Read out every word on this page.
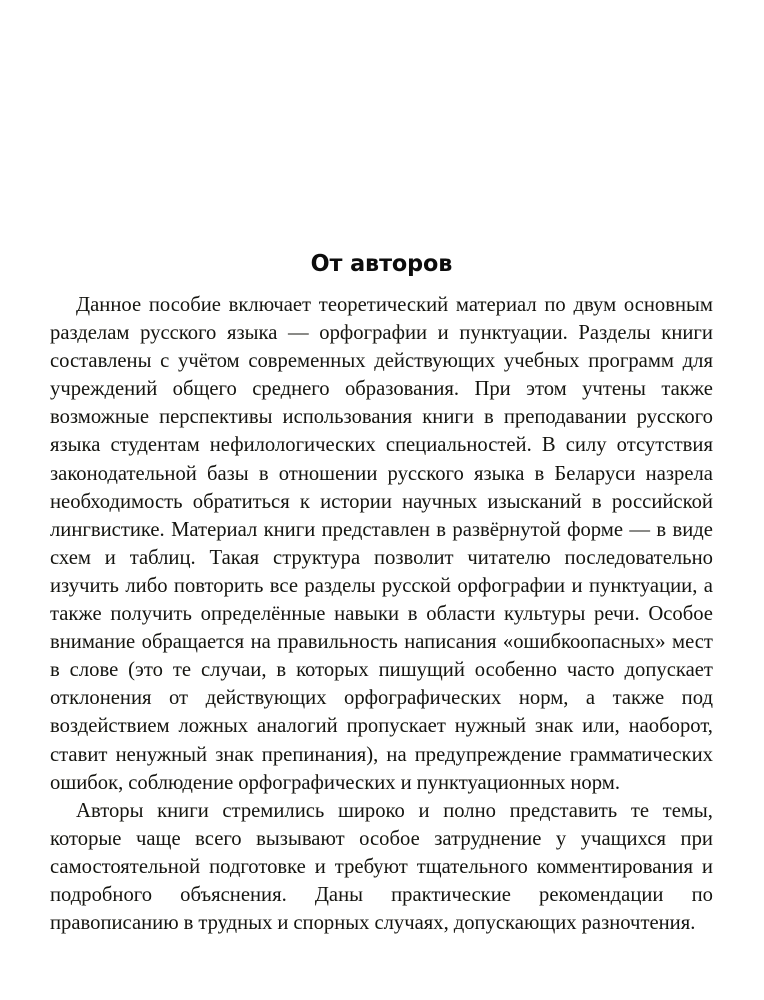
От авторов

Данное пособие включает теоретический материал по двум основным разделам русского языка — орфографии и пунктуации. Разделы книги составлены с учётом современных действующих учебных программ для учреждений общего среднего образования. При этом учтены также возможные перспективы использования книги в преподавании русского языка студентам нефилологических специальностей. В силу отсутствия законодательной базы в отношении русского языка в Беларуси назрела необходимость обратиться к истории научных изысканий в российской лингвистике. Материал книги представлен в развёрнутой форме — в виде схем и таблиц. Такая структура позволит читателю последовательно изучить либо повторить все разделы русской орфографии и пунктуации, а также получить определённые навыки в области культуры речи. Особое внимание обращается на правильность написания «ошибкоопасных» мест в слове (это те случаи, в которых пишущий особенно часто допускает отклонения от действующих орфографических норм, а также под воздействием ложных аналогий пропускает нужный знак или, наоборот, ставит ненужный знак препинания), на предупреждение грамматических ошибок, соблюдение орфографических и пунктуационных норм.

Авторы книги стремились широко и полно представить те темы, которые чаще всего вызывают особое затруднение у учащихся при самостоятельной подготовке и требуют тщательного комментирования и подробного объяснения. Даны практические рекомендации по правописанию в трудных и спорных случаях, допускающих разночтения.
